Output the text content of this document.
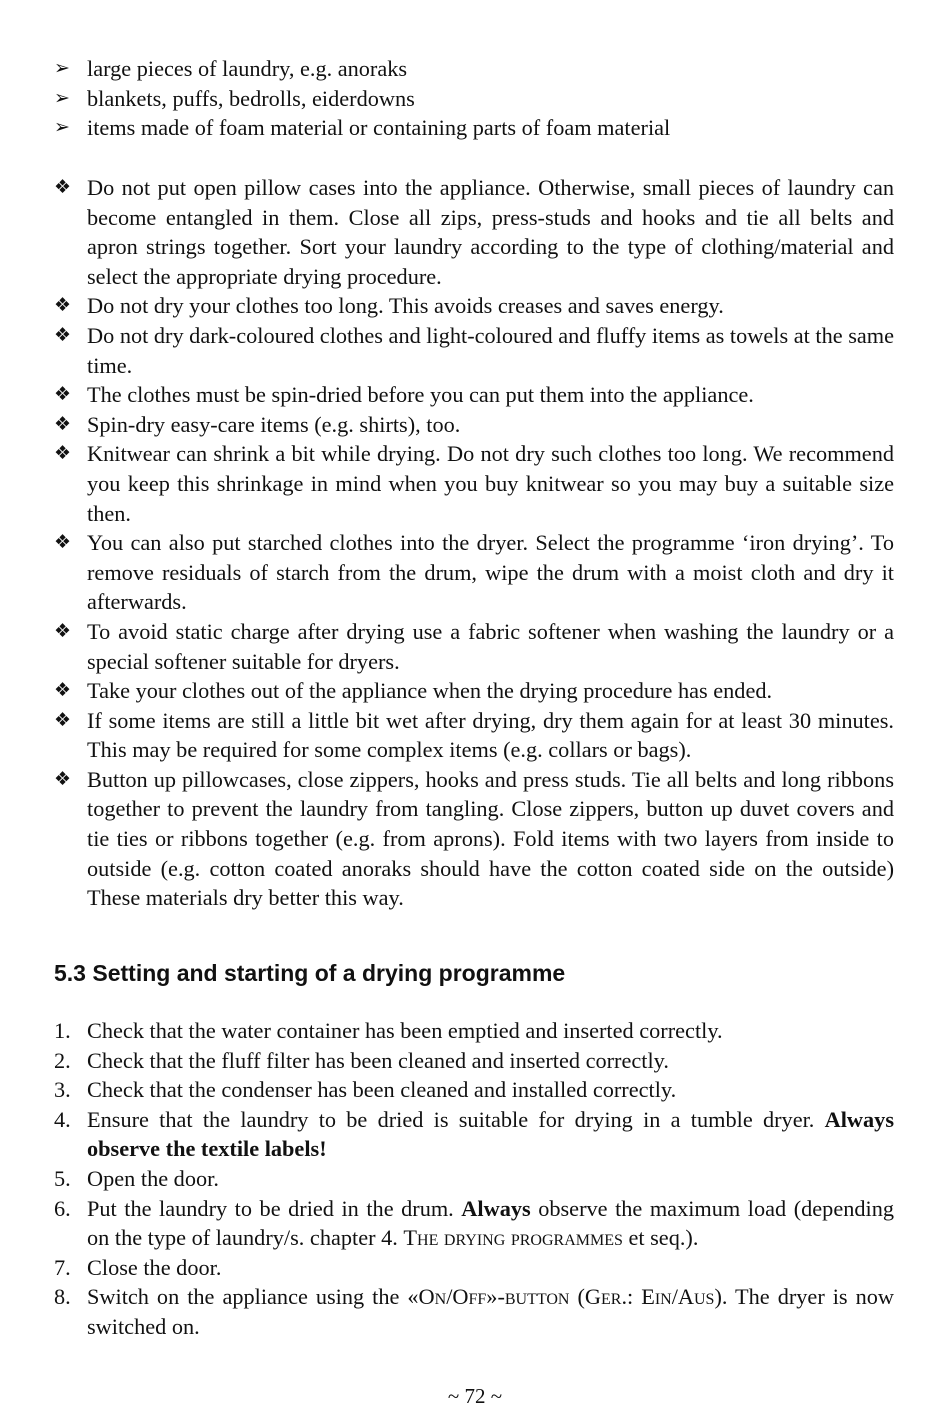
➢ large pieces of laundry, e.g. anoraks
➢ blankets, puffs, bedrolls, eiderdowns
➢ items made of foam material or containing parts of foam material
❖ Do not put open pillow cases into the appliance. Otherwise, small pieces of laundry can become entangled in them. Close all zips, press-studs and hooks and tie all belts and apron strings together. Sort your laundry according to the type of clothing/material and select the appropriate drying procedure.
❖ Do not dry your clothes too long. This avoids creases and saves energy.
❖ Do not dry dark-coloured clothes and light-coloured and fluffy items as towels at the same time.
❖ The clothes must be spin-dried before you can put them into the appliance.
❖ Spin-dry easy-care items (e.g. shirts), too.
❖ Knitwear can shrink a bit while drying. Do not dry such clothes too long. We recommend you keep this shrinkage in mind when you buy knitwear so you may buy a suitable size then.
❖ You can also put starched clothes into the dryer. Select the programme ‘iron drying’. To remove residuals of starch from the drum, wipe the drum with a moist cloth and dry it afterwards.
❖ To avoid static charge after drying use a fabric softener when washing the laundry or a special softener suitable for dryers.
❖ Take your clothes out of the appliance when the drying procedure has ended.
❖ If some items are still a little bit wet after drying, dry them again for at least 30 minutes. This may be required for some complex items (e.g. collars or bags).
❖ Button up pillowcases, close zippers, hooks and press studs. Tie all belts and long ribbons together to prevent the laundry from tangling. Close zippers, button up duvet covers and tie ties or ribbons together (e.g. from aprons). Fold items with two layers from inside to outside (e.g. cotton coated anoraks should have the cotton coated side on the outside) These materials dry better this way.
5.3 Setting and starting of a drying programme
1. Check that the water container has been emptied and inserted correctly.
2. Check that the fluff filter has been cleaned and inserted correctly.
3. Check that the condenser has been cleaned and installed correctly.
4. Ensure that the laundry to be dried is suitable for drying in a tumble dryer. Always observe the textile labels!
5. Open the door.
6. Put the laundry to be dried in the drum. Always observe the maximum load (depending on the type of laundry/s. chapter 4. The drying programmes et seq.).
7. Close the door.
8. Switch on the appliance using the «On/Off»-button (Ger.: Ein/Aus). The dryer is now switched on.
~ 72 ~
